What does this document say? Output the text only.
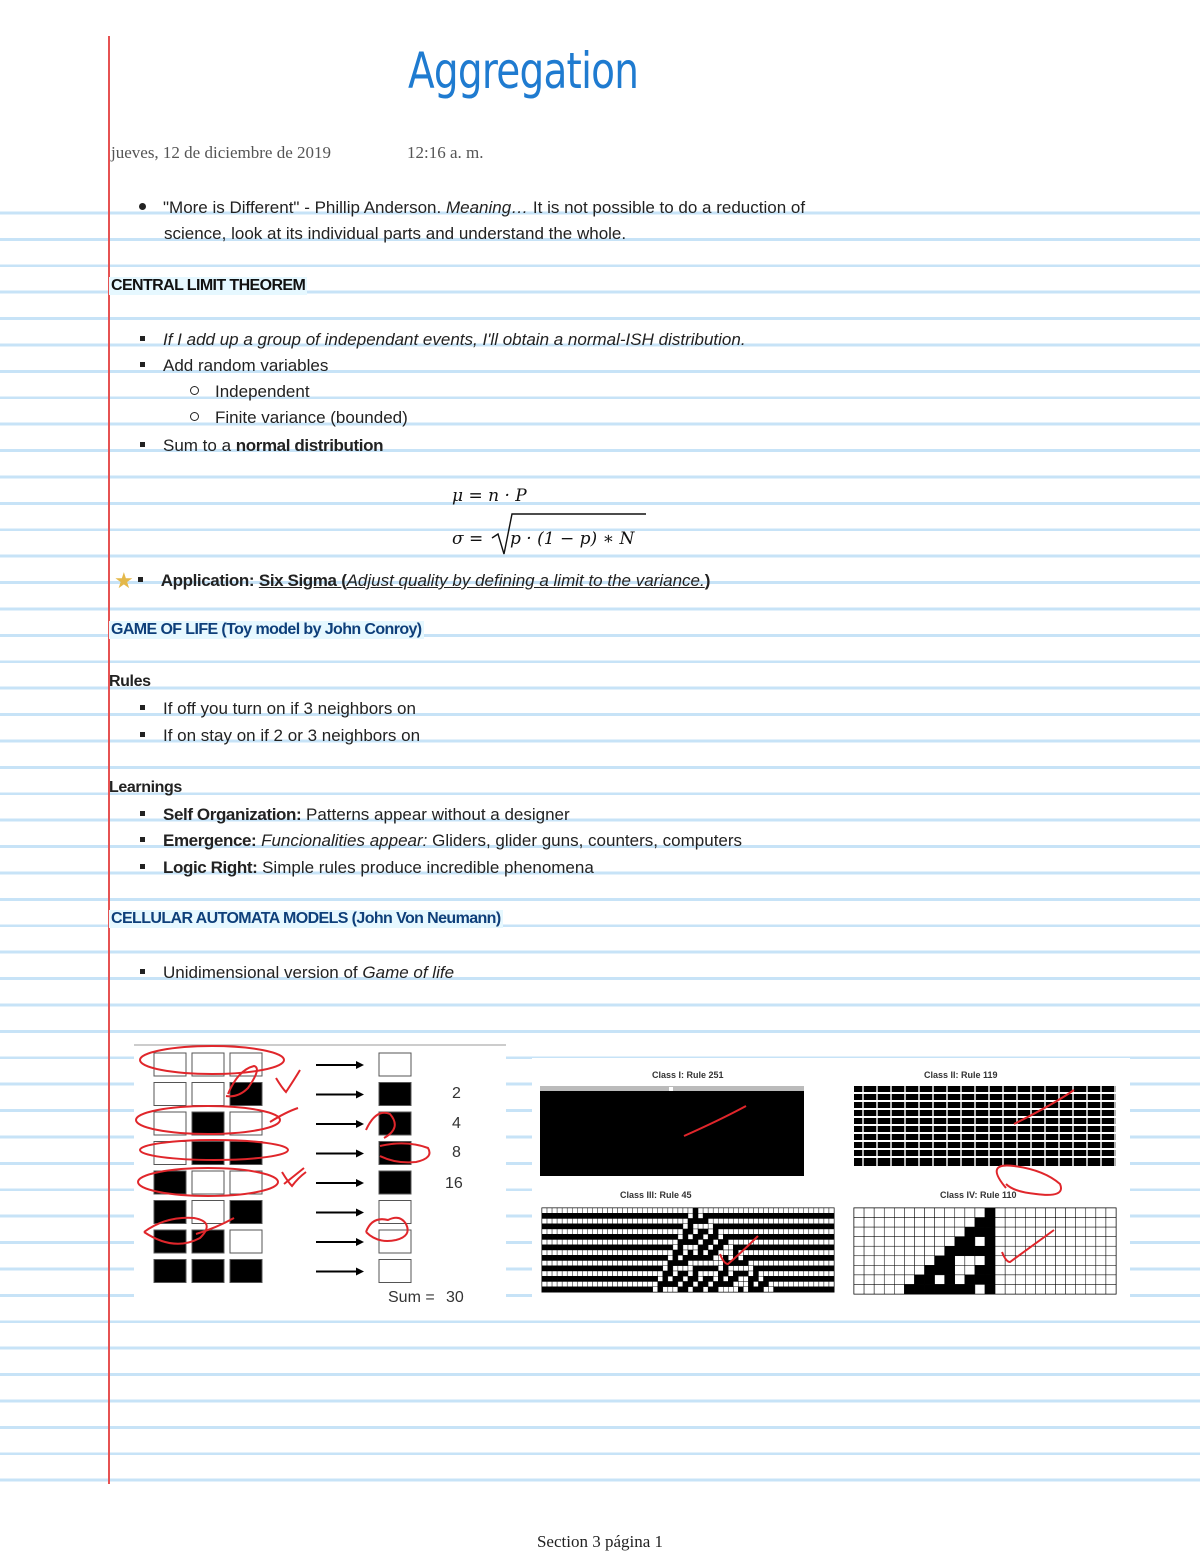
Aggregation
jueves, 12 de diciembre de 2019	12:16 a. m.
"More is Different" - Phillip Anderson. Meaning… It is not possible to do a reduction of
science, look at its individual parts and understand the whole.
CENTRAL LIMIT THEOREM
If I add up a group of independant events, I'll obtain a normal-ISH distribution.
Add random variables
Independent
Finite variance (bounded)
Sum to a normal distribution
μ = n · P
σ = p · (1 − p) ∗ N
★ Application: Six Sigma (Adjust quality by defining a limit to the variance.)
GAME OF LIFE (Toy model by John Conroy)
Rules
If off you turn on if 3 neighbors on
If on stay on if 2 or 3 neighbors on
Learnings
Self Organization: Patterns appear without a designer
Emergence: Funcionalities appear: Gliders, glider guns, counters, computers
Logic Right: Simple rules produce incredible phenomena
CELLULAR AUTOMATA MODELS (John Von Neumann)
Unidimensional version of Game of life
2
4
8
16
Sum = 30
Class I: Rule 251	Class II: Rule 119
Class III: Rule 45	Class IV: Rule 110
Section 3 página 1
